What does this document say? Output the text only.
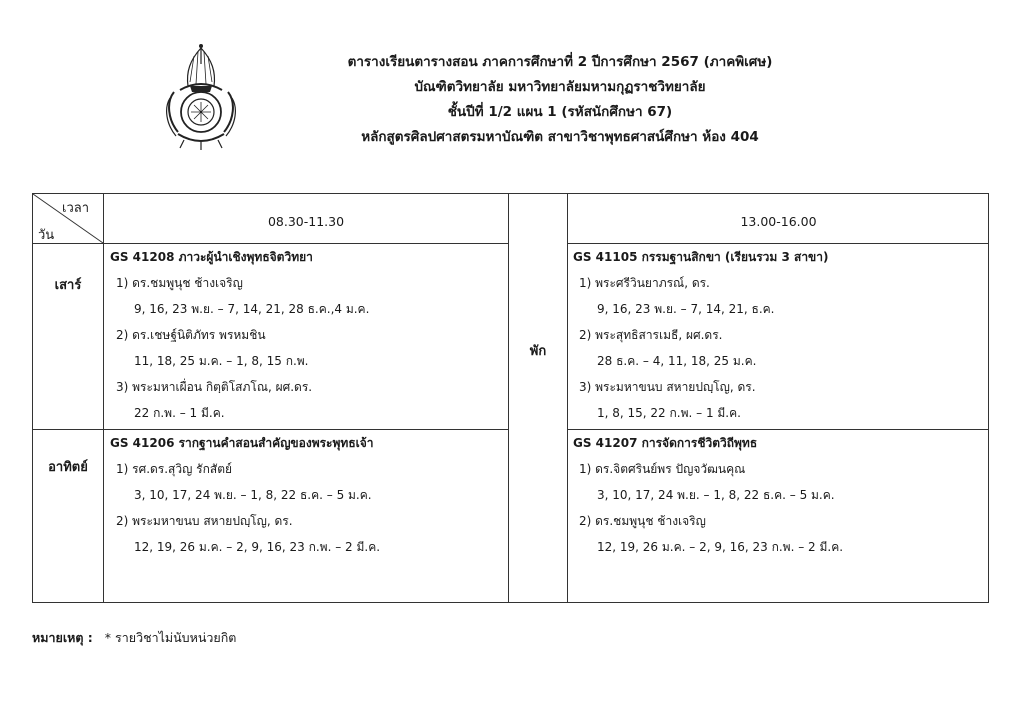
ตารางเรียนตารางสอน ภาคการศึกษาที่ 2 ปีการศึกษา 2567 (ภาคพิเศษ)
บัณฑิตวิทยาลัย มหาวิทยาลัยมหามกุฏราชวิทยาลัย
ชั้นปีที่ 1/2 แผน 1 (รหัสนักศึกษา 67)
หลักสูตรศิลปศาสตรมหาบัณฑิต สาขาวิชาพุทธศาสน์ศึกษา ห้อง 404
เวลา
วัน
08.30-11.30	13.00-16.00
พัก
เสาร์
GS 41208 ภาวะผู้นำเชิงพุทธจิตวิทยา
1) ดร.ชมพูนุช ช้างเจริญ
9, 16, 23 พ.ย. – 7, 14, 21, 28 ธ.ค.,4 ม.ค.
2) ดร.เชษฐ์นิติภัทร พรหมชิน
11, 18, 25 ม.ค. – 1, 8, 15 ก.พ.
3) พระมหาเผื่อน กิตฺติโสภโณ, ผศ.ดร.
22 ก.พ. – 1 มี.ค.
GS 41105 กรรมฐานสิกขา (เรียนรวม 3 สาขา)
1) พระศรีวินยาภรณ์, ดร.
9, 16, 23 พ.ย. – 7, 14, 21, ธ.ค.
2) พระสุทธิสารเมธี, ผศ.ดร.
28 ธ.ค. – 4, 11, 18, 25 ม.ค.
3) พระมหาขนบ สหายปญฺโญ, ดร.
1, 8, 15, 22 ก.พ. – 1 มี.ค.
อาทิตย์
GS 41206 รากฐานคำสอนสำคัญของพระพุทธเจ้า
1) รศ.ดร.สุวิญ รักสัตย์
3, 10, 17, 24 พ.ย. – 1, 8, 22 ธ.ค. – 5 ม.ค.
2) พระมหาขนบ สหายปญฺโญ, ดร.
12, 19, 26 ม.ค. – 2, 9, 16, 23 ก.พ. – 2 มี.ค.
GS 41207 การจัดการชีวิตวิถีพุทธ
1) ดร.จิตศรินย์พร ปัญจวัฒนคุณ
3, 10, 17, 24 พ.ย. – 1, 8, 22 ธ.ค. – 5 ม.ค.
2) ดร.ชมพูนุช ช้างเจริญ
12, 19, 26 ม.ค. – 2, 9, 16, 23 ก.พ. – 2 มี.ค.
หมายเหตุ : * รายวิชาไม่นับหน่วยกิต
